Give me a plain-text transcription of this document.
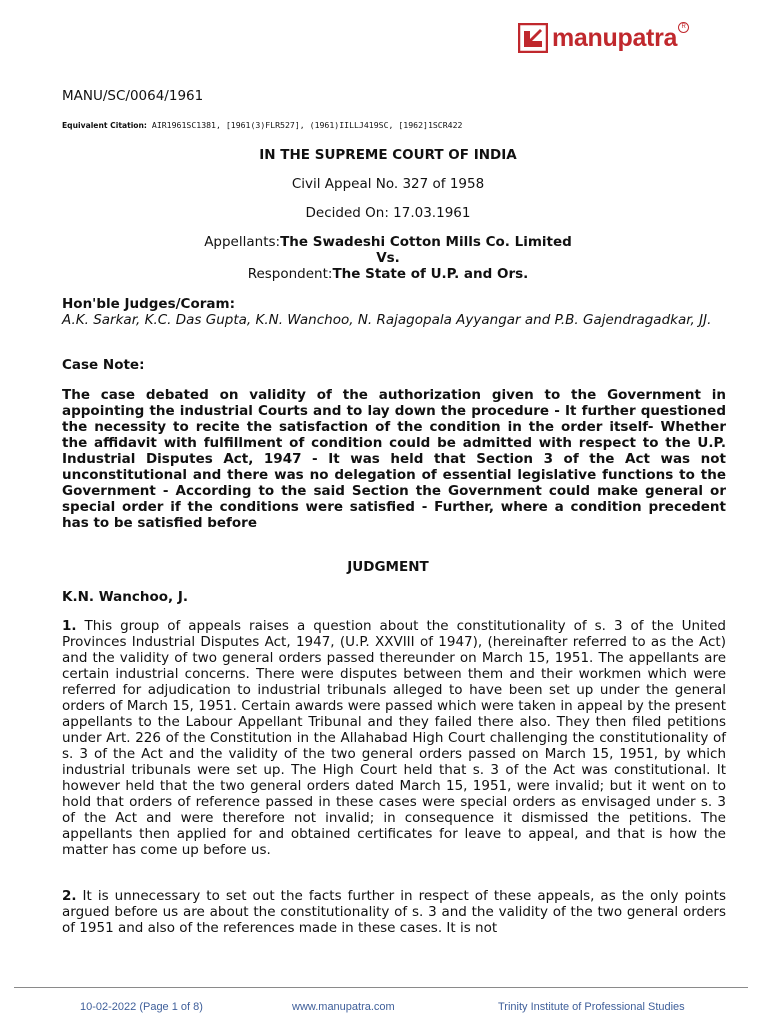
manupatra R

MANU/SC/0064/1961

Equivalent Citation: AIR1961SC1381, [1961(3)FLR527], (1961)IILLJ419SC, [1962]1SCR422

IN THE SUPREME COURT OF INDIA

Civil Appeal No. 327 of 1958

Decided On: 17.03.1961

Appellants:The Swadeshi Cotton Mills Co. Limited
Vs.
Respondent:The State of U.P. and Ors.

Hon'ble Judges/Coram:

A.K. Sarkar, K.C. Das Gupta, K.N. Wanchoo, N. Rajagopala Ayyangar and P.B. Gajendragadkar, JJ.

Case Note:

The case debated on validity of the authorization given to the Government in appointing the industrial Courts and to lay down the procedure - It further questioned the necessity to recite the satisfaction of the condition in the order itself- Whether the affidavit with fulfillment of condition could be admitted with respect to the U.P. Industrial Disputes Act, 1947 - It was held that Section 3 of the Act was not unconstitutional and there was no delegation of essential legislative functions to the Government - According to the said Section the Government could make general or special order if the conditions were satisfied - Further, where a condition precedent has to be satisfied before

JUDGMENT

K.N. Wanchoo, J.

1. This group of appeals raises a question about the constitutionality of s. 3 of the United Provinces Industrial Disputes Act, 1947, (U.P. XXVIII of 1947), (hereinafter referred to as the Act) and the validity of two general orders passed thereunder on March 15, 1951. The appellants are certain industrial concerns. There were disputes between them and their workmen which were referred for adjudication to industrial tribunals alleged to have been set up under the general orders of March 15, 1951. Certain awards were passed which were taken in appeal by the present appellants to the Labour Appellant Tribunal and they failed there also. They then filed petitions under Art. 226 of the Constitution in the Allahabad High Court challenging the constitutionality of s. 3 of the Act and the validity of the two general orders passed on March 15, 1951, by which industrial tribunals were set up. The High Court held that s. 3 of the Act was constitutional. It however held that the two general orders dated March 15, 1951, were invalid; but it went on to hold that orders of reference passed in these cases were special orders as envisaged under s. 3 of the Act and were therefore not invalid; in consequence it dismissed the petitions. The appellants then applied for and obtained certificates for leave to appeal, and that is how the matter has come up before us.

2. It is unnecessary to set out the facts further in respect of these appeals, as the only points argued before us are about the constitutionality of s. 3 and the validity of the two general orders of 1951 and also of the references made in these cases. It is not

10-02-2022 (Page 1 of 8)	www.manupatra.com	Trinity Institute of Professional Studies
